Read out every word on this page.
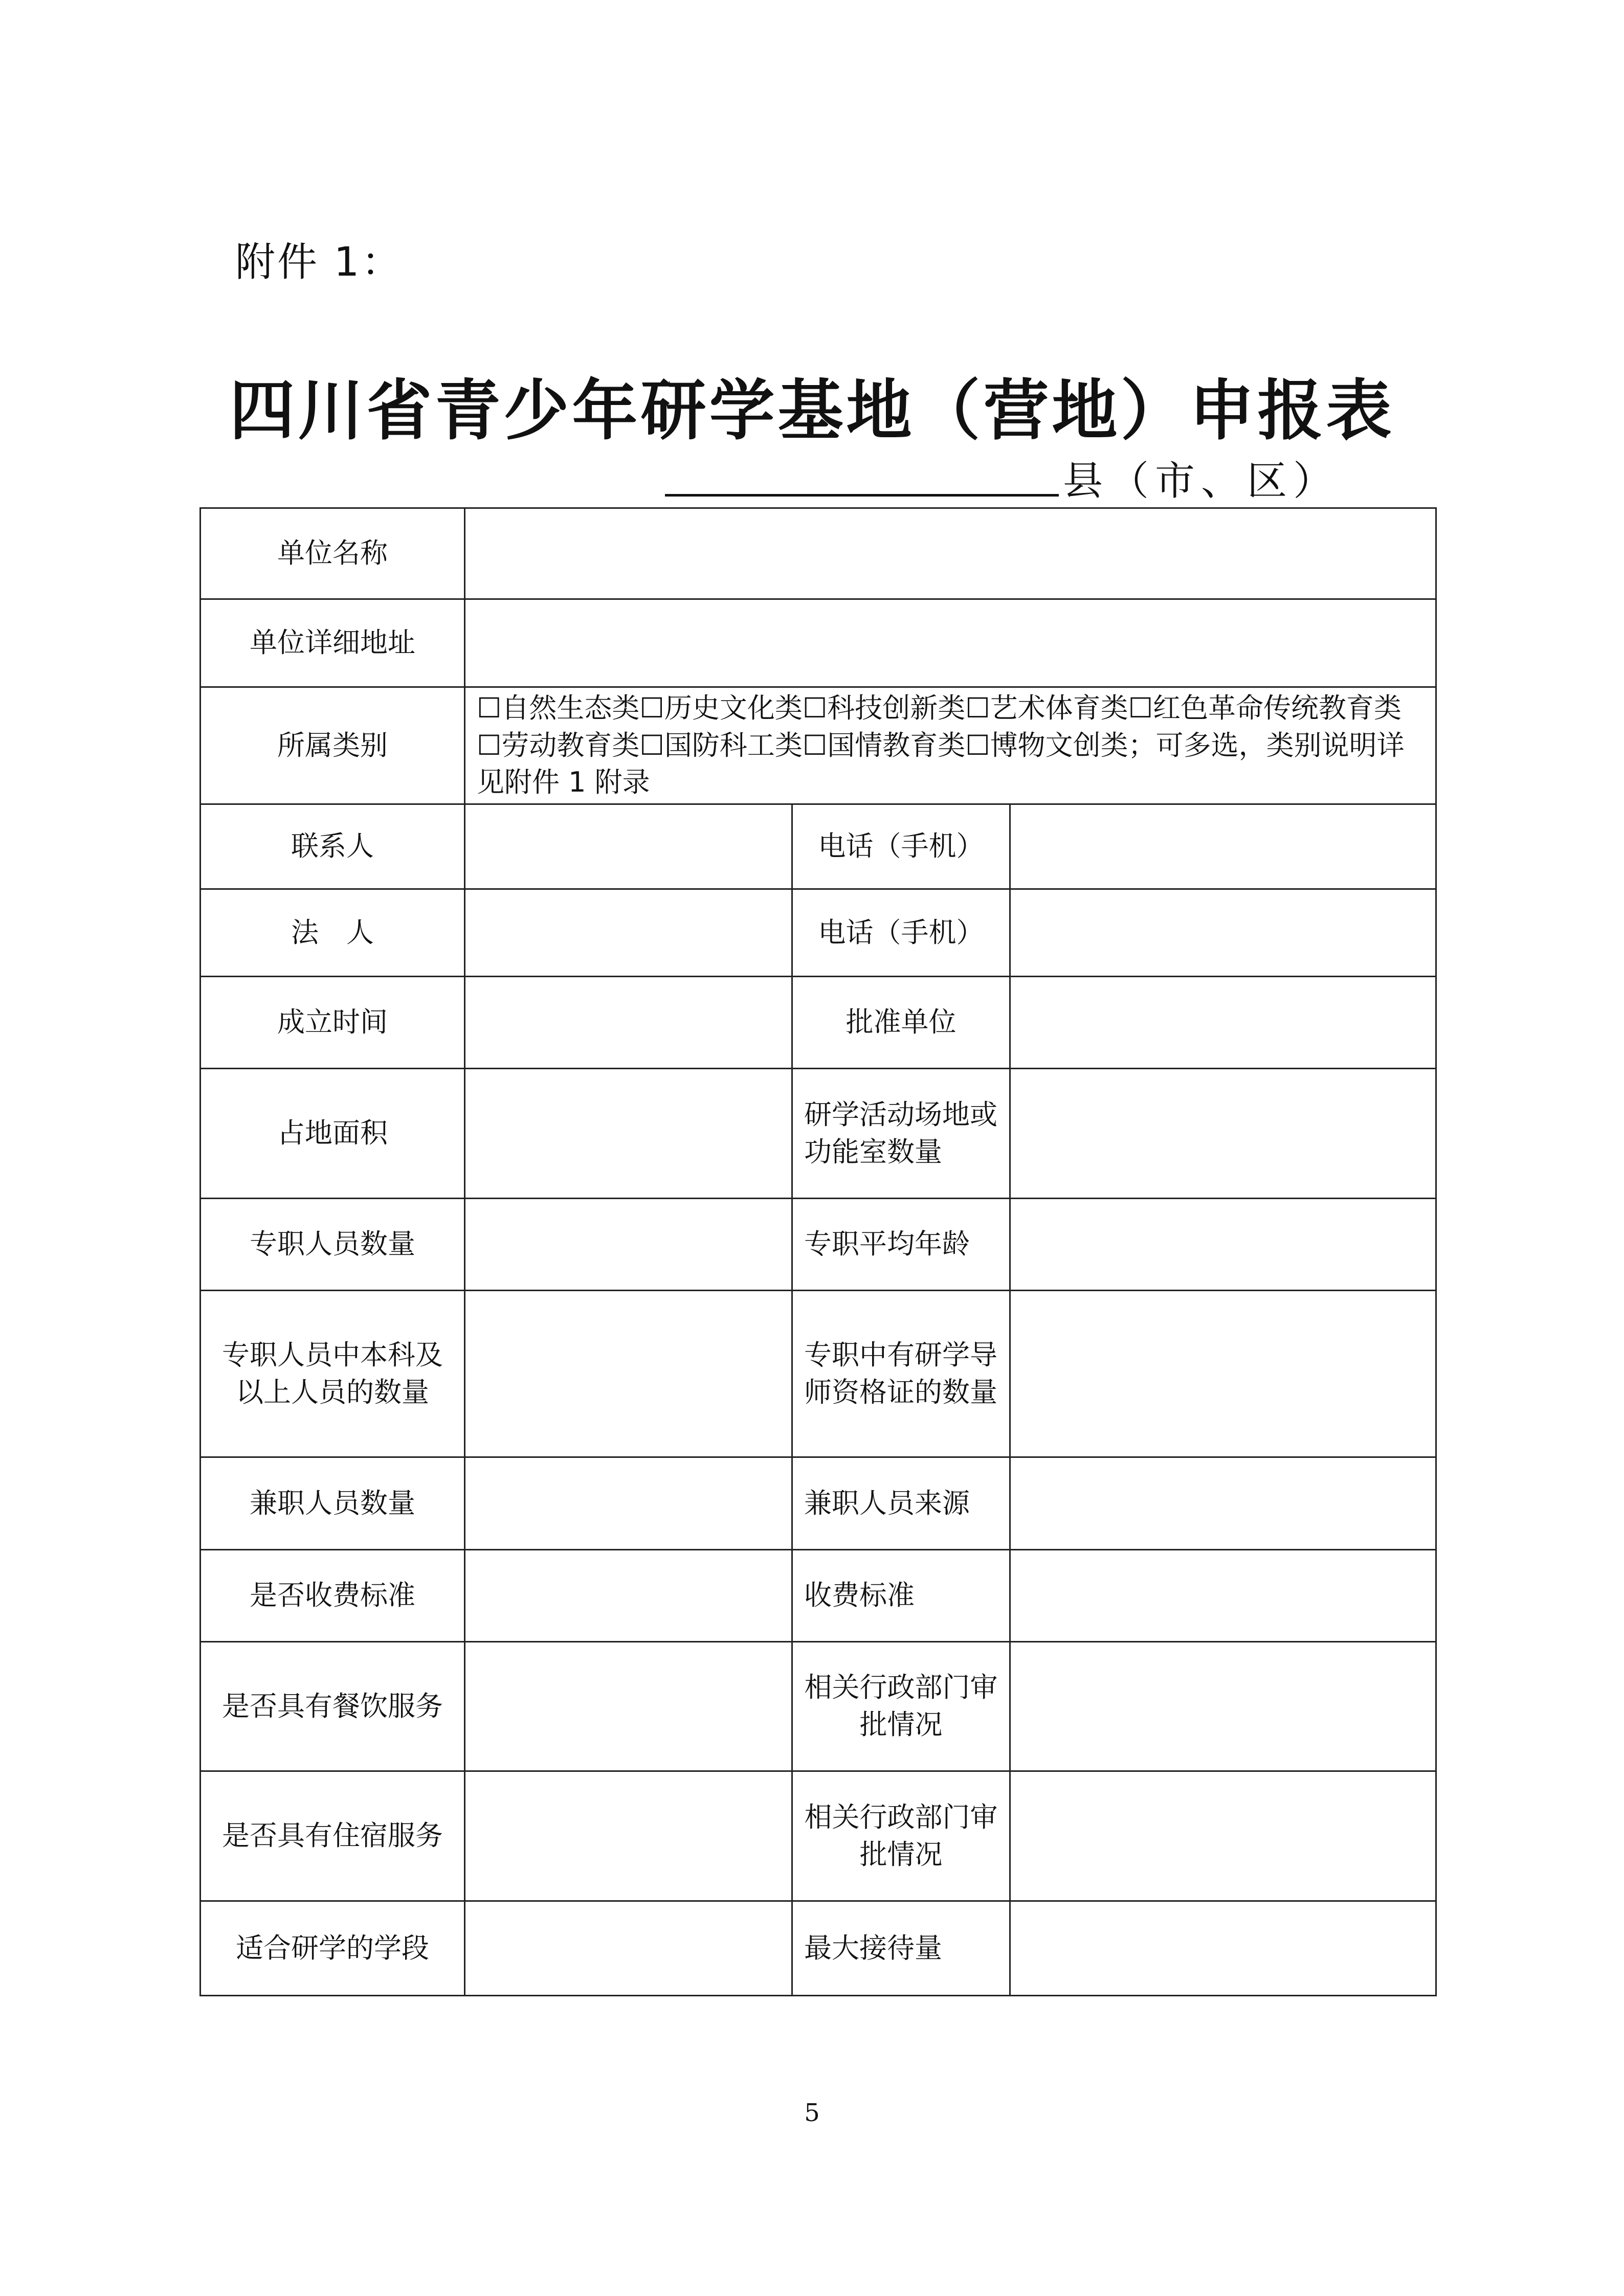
附件 1：
四川省青少年研学基地（营地）申报表
县（市、区）
单位名称			
单位详细地址			
所属类别	☐自然生态类☐历史文化类☐科技创新类☐艺术体育类☐红色革命传统教育类☐劳动教育类☐国防科工类☐国情教育类☐博物文创类；可多选，类别说明详见附件 1 附录		
联系人		电话（手机）	
法　人		电话（手机）	
成立时间		批准单位	
占地面积		研学活动场地或功能室数量	
专职人员数量		专职平均年龄	
专职人员中本科及以上人员的数量		专职中有研学导师资格证的数量	
兼职人员数量		兼职人员来源	
是否收费标准		收费标准	
是否具有餐饮服务		相关行政部门审批情况	
是否具有住宿服务		相关行政部门审批情况	
适合研学的学段		最大接待量	
5
